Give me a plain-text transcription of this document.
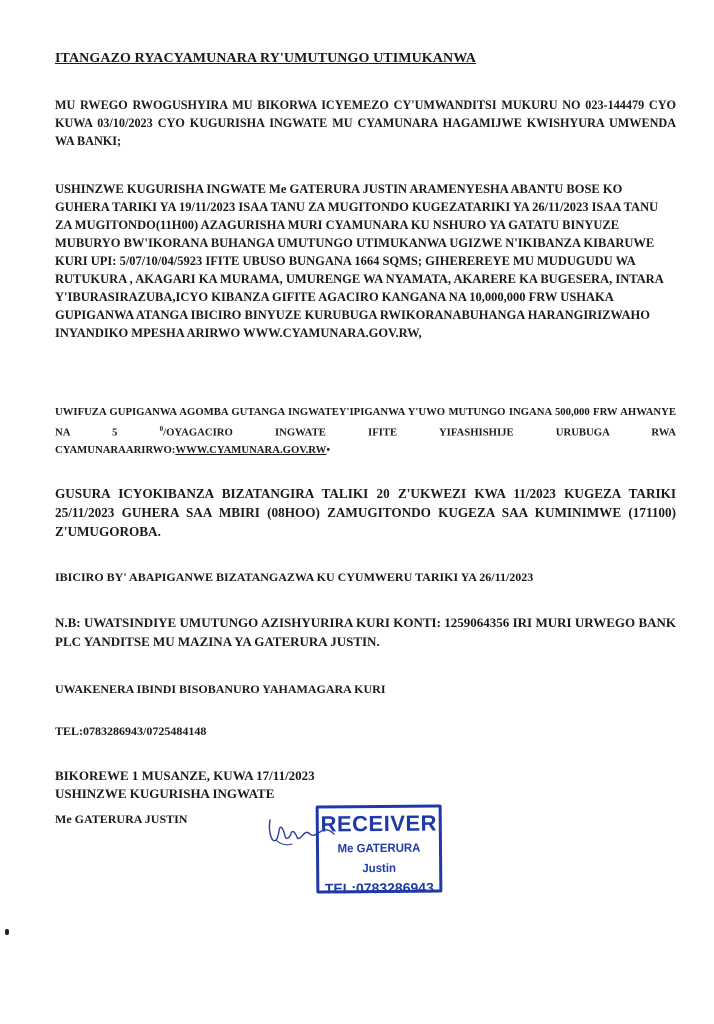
ITANGAZO RYACYAMUNARA RY'UMUTUNGO UTIMUKANWA

MU RWEGO RWOGUSHYIRA MU BIKORWA ICYEMEZO CY'UMWANDITSI MUKURU NO 023-144479 CYO KUWA 03/10/2023 CYO KUGURISHA INGWATE MU CYAMUNARA HAGAMIJWE KWISHYURA UMWENDA WA BANKI;

USHINZWE KUGURISHA INGWATE Me GATERURA JUSTIN ARAMENYESHA ABANTU BOSE KO GUHERA TARIKI YA 19/11/2023 ISAA TANU ZA MUGITONDO KUGEZATARIKI YA 26/11/2023 ISAA TANU ZA MUGITONDO(11H00) AZAGURISHA MURI CYAMUNARA KU NSHURO YA GATATU BINYUZE MUBURYO BW'IKORANA BUHANGA UMUTUNGO UTIMUKANWA UGIZWE N'IKIBANZA KIBARUWE KURI UPI: 5/07/10/04/5923 IFITE UBUSO BUNGANA 1664 SQMS; GIHEREREYE MU MUDUGUDU WA RUTUKURA , AKAGARI KA MURAMA, UMURENGE WA NYAMATA, AKARERE KA BUGESERA, INTARA Y'IBURASIRAZUBA,ICYO KIBANZA GIFITE AGACIRO KANGANA NA 10,000,000 FRW USHAKA GUPIGANWA ATANGA IBICIRO BINYUZE KURUBUGA RWIKORANABUHANGA HARANGIRIZWAHO INYANDIKO MPESHA ARIRWO WWW.CYAMUNARA.GOV.RW,

UWIFUZA GUPIGANWA AGOMBA GUTANGA INGWATEY'IPIGANWA Y'UWO MUTUNGO INGANA 500,000 FRW AHWANYE NA 5 $^0$/OYAGACIRO INGWATE IFITE YIFASHISHIJE URUBUGA RWA CYAMUNARAARIRWO:WWW.CYAMUNARA.GOV.RW•

GUSURA ICYOKIBANZA BIZATANGIRA TALIKI 20 Z'UKWEZI KWA 11/2023 KUGEZA TARIKI 25/11/2023 GUHERA SAA MBIRI (08HOO) ZAMUGITONDO KUGEZA SAA KUMINIMWE (171100) Z'UMUGOROBA.

IBICIRO BY' ABAPIGANWE BIZATANGAZWA KU CYUMWERU TARIKI YA 26/11/2023

N.B: UWATSINDIYE UMUTUNGO AZISHYURIRA KURI KONTI: 1259064356 IRI MURI URWEGO BANK PLC YANDITSE MU MAZINA YA GATERURA JUSTIN.

UWAKENERA IBINDI BISOBANURO YAHAMAGARA KURI

TEL:0783286943/0725484148

BIKOREWE 1 MUSANZE, KUWA 17/11/2023
USHINZWE KUGURISHA INGWATE

Me GATERURA JUSTIN	RECEIVER
Me GATERURA Justin
TEL:0783286943
